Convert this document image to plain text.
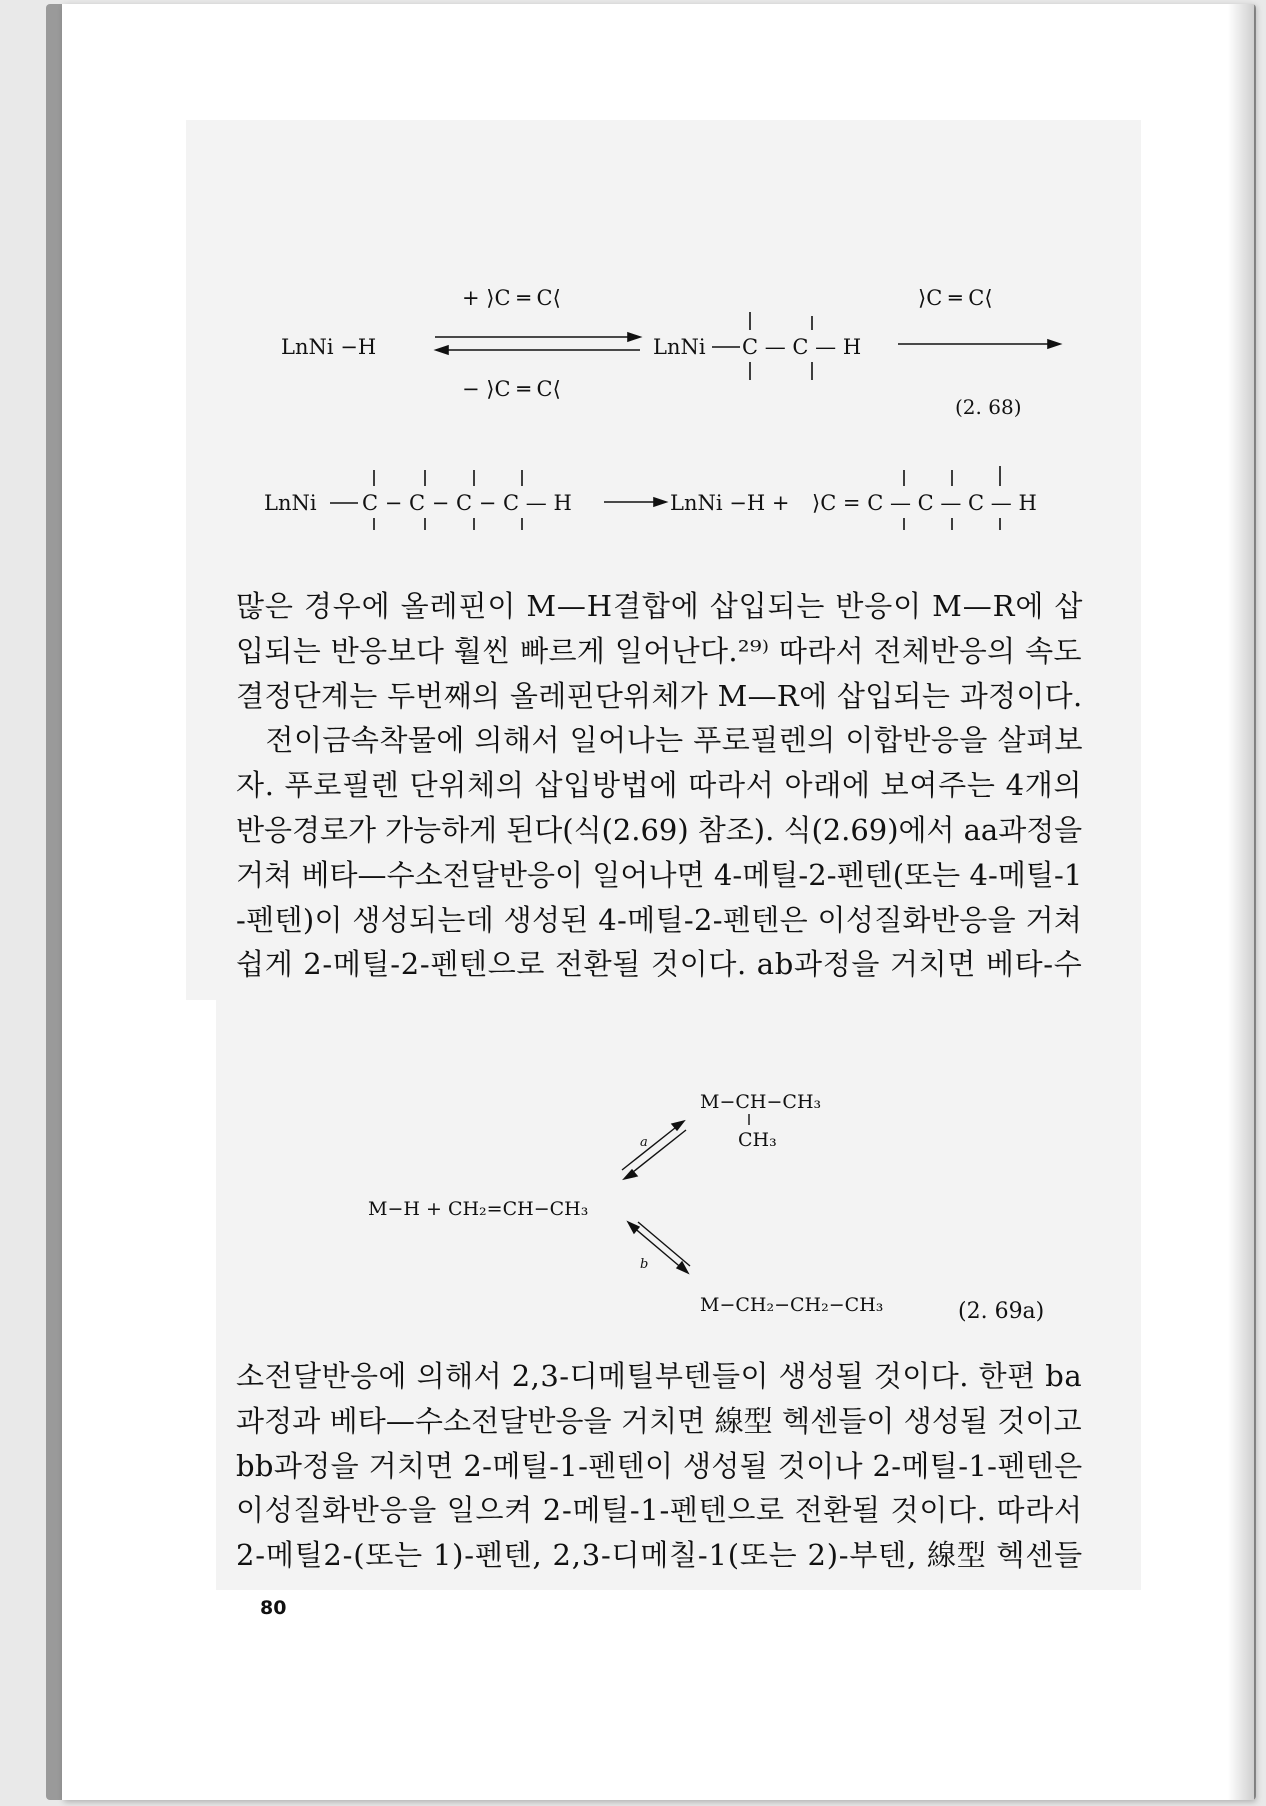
LnNi −H
+ ⟩C ═ C⟨
− ⟩C ═ C⟨
LnNi C — C — H
⟩C ═ C⟨
(2. 68)
LnNi C − C − C − C — H	LnNi −H + ⟩C = C — C — C — H
많은 경우에 올레핀이 M—H결합에 삽입되는 반응이 M—R에 삽
입되는 반응보다 훨씬 빠르게 일어난다.²⁹⁾ 따라서 전체반응의 속도
결정단계는 두번째의 올레핀단위체가 M—R에 삽입되는 과정이다.
　전이금속착물에 의해서 일어나는 푸로필렌의 이합반응을 살펴보
자. 푸로필렌 단위체의 삽입방법에 따라서 아래에 보여주는 4개의
반응경로가 가능하게 된다(식(2.69) 참조). 식(2.69)에서 aa과정을
거쳐 베타—수소전달반응이 일어나면 4-메틸-2-펜텐(또는 4-메틸-1
-펜텐)이 생성되는데 생성된 4-메틸-2-펜텐은 이성질화반응을 거쳐
쉽게 2-메틸-2-펜텐으로 전환될 것이다. ab과정을 거치면 베타-수
M−CH−CH₃
CH₃
a
M−H + CH₂=CH−CH₃
b
M−CH₂−CH₂−CH₃	(2. 69a)
소전달반응에 의해서 2,3-디메틸부텐들이 생성될 것이다. 한편 ba
과정과 베타—수소전달반응을 거치면 線型 헥센들이 생성될 것이고
bb과정을 거치면 2-메틸-1-펜텐이 생성될 것이나 2-메틸-1-펜텐은
이성질화반응을 일으켜 2-메틸-1-펜텐으로 전환될 것이다. 따라서
2-메틸2-(또는 1)-펜텐, 2,3-디메칠-1(또는 2)-부텐, 線型 헥센들
80
